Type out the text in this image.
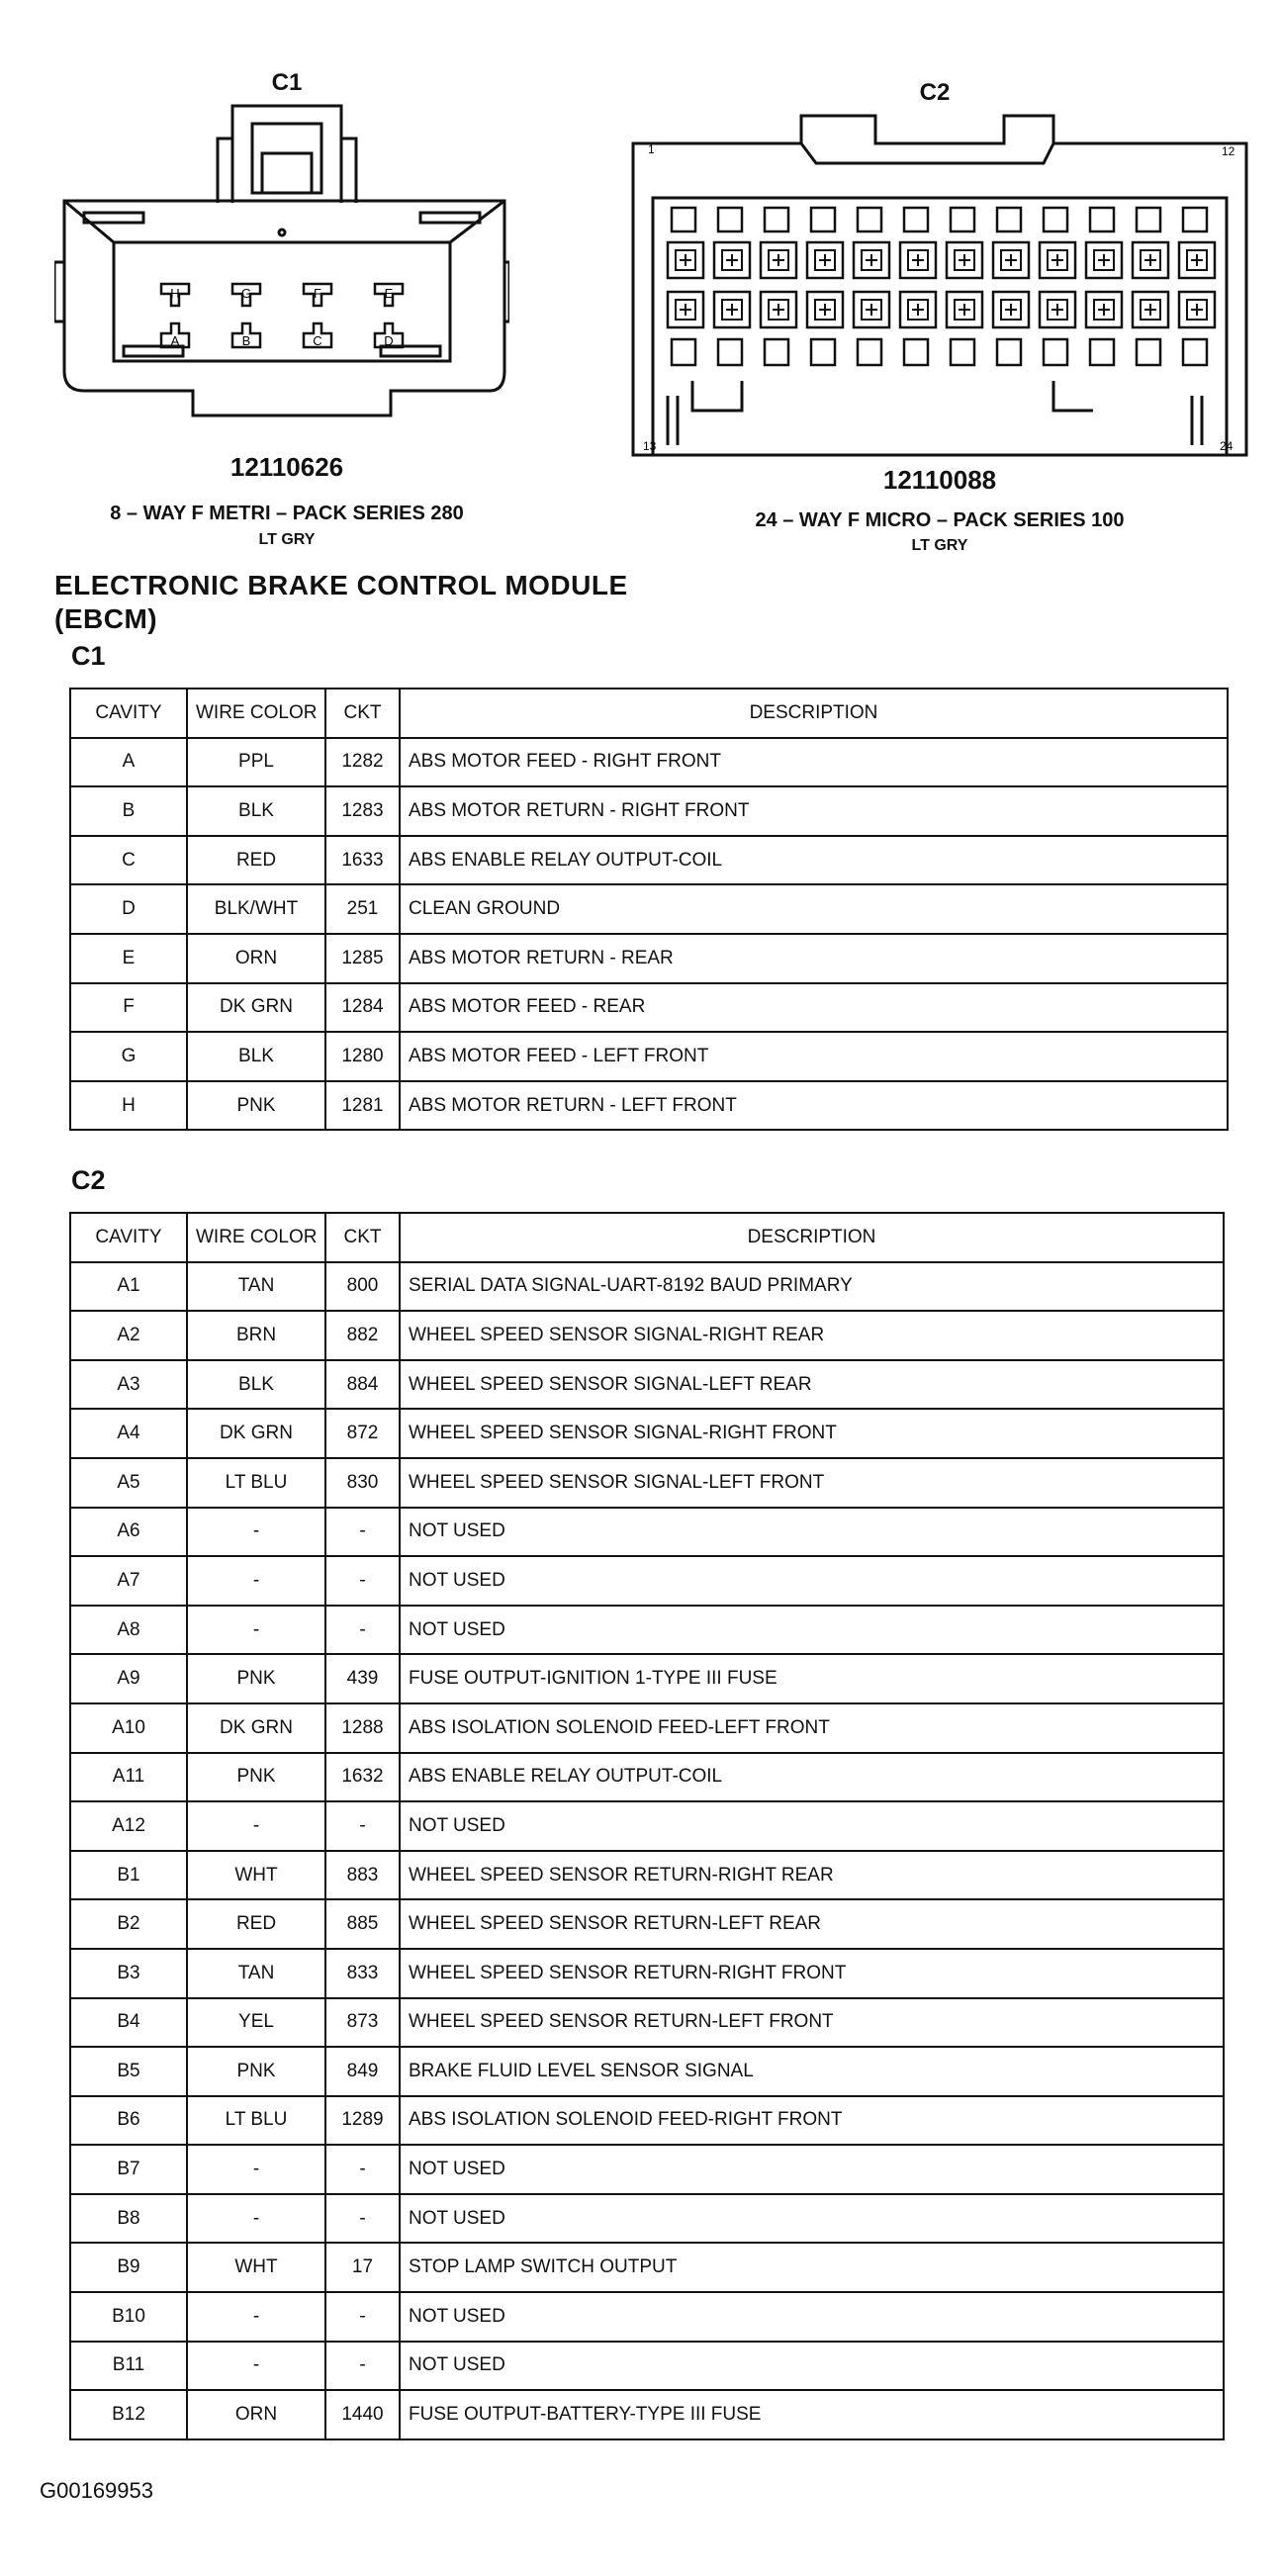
C1
H	G	F	E
A	B	C	D
12110626
8 – WAY F METRI – PACK SERIES 280
LT GRY
C2
1	12
13	24
12110088
24 – WAY F MICRO – PACK SERIES 100
LT GRY
ELECTRONIC BRAKE CONTROL MODULE
(EBCM)
C1
CAVITY	WIRE COLOR	CKT	DESCRIPTION
A	PPL	1282	ABS MOTOR FEED - RIGHT FRONT
B	BLK	1283	ABS MOTOR RETURN - RIGHT FRONT
C	RED	1633	ABS ENABLE RELAY OUTPUT-COIL
D	BLK/WHT	251	CLEAN GROUND
E	ORN	1285	ABS MOTOR RETURN - REAR
F	DK GRN	1284	ABS MOTOR FEED - REAR
G	BLK	1280	ABS MOTOR FEED - LEFT FRONT
H	PNK	1281	ABS MOTOR RETURN - LEFT FRONT
C2
CAVITY	WIRE COLOR	CKT	DESCRIPTION
A1	TAN	800	SERIAL DATA SIGNAL-UART-8192 BAUD PRIMARY
A2	BRN	882	WHEEL SPEED SENSOR SIGNAL-RIGHT REAR
A3	BLK	884	WHEEL SPEED SENSOR SIGNAL-LEFT REAR
A4	DK GRN	872	WHEEL SPEED SENSOR SIGNAL-RIGHT FRONT
A5	LT BLU	830	WHEEL SPEED SENSOR SIGNAL-LEFT FRONT
A6	-	-	NOT USED
A7	-	-	NOT USED
A8	-	-	NOT USED
A9	PNK	439	FUSE OUTPUT-IGNITION 1-TYPE III FUSE
A10	DK GRN	1288	ABS ISOLATION SOLENOID FEED-LEFT FRONT
A11	PNK	1632	ABS ENABLE RELAY OUTPUT-COIL
A12	-	-	NOT USED
B1	WHT	883	WHEEL SPEED SENSOR RETURN-RIGHT REAR
B2	RED	885	WHEEL SPEED SENSOR RETURN-LEFT REAR
B3	TAN	833	WHEEL SPEED SENSOR RETURN-RIGHT FRONT
B4	YEL	873	WHEEL SPEED SENSOR RETURN-LEFT FRONT
B5	PNK	849	BRAKE FLUID LEVEL SENSOR SIGNAL
B6	LT BLU	1289	ABS ISOLATION SOLENOID FEED-RIGHT FRONT
B7	-	-	NOT USED
B8	-	-	NOT USED
B9	WHT	17	STOP LAMP SWITCH OUTPUT
B10	-	-	NOT USED
B11	-	-	NOT USED
B12	ORN	1440	FUSE OUTPUT-BATTERY-TYPE III FUSE
G00169953
